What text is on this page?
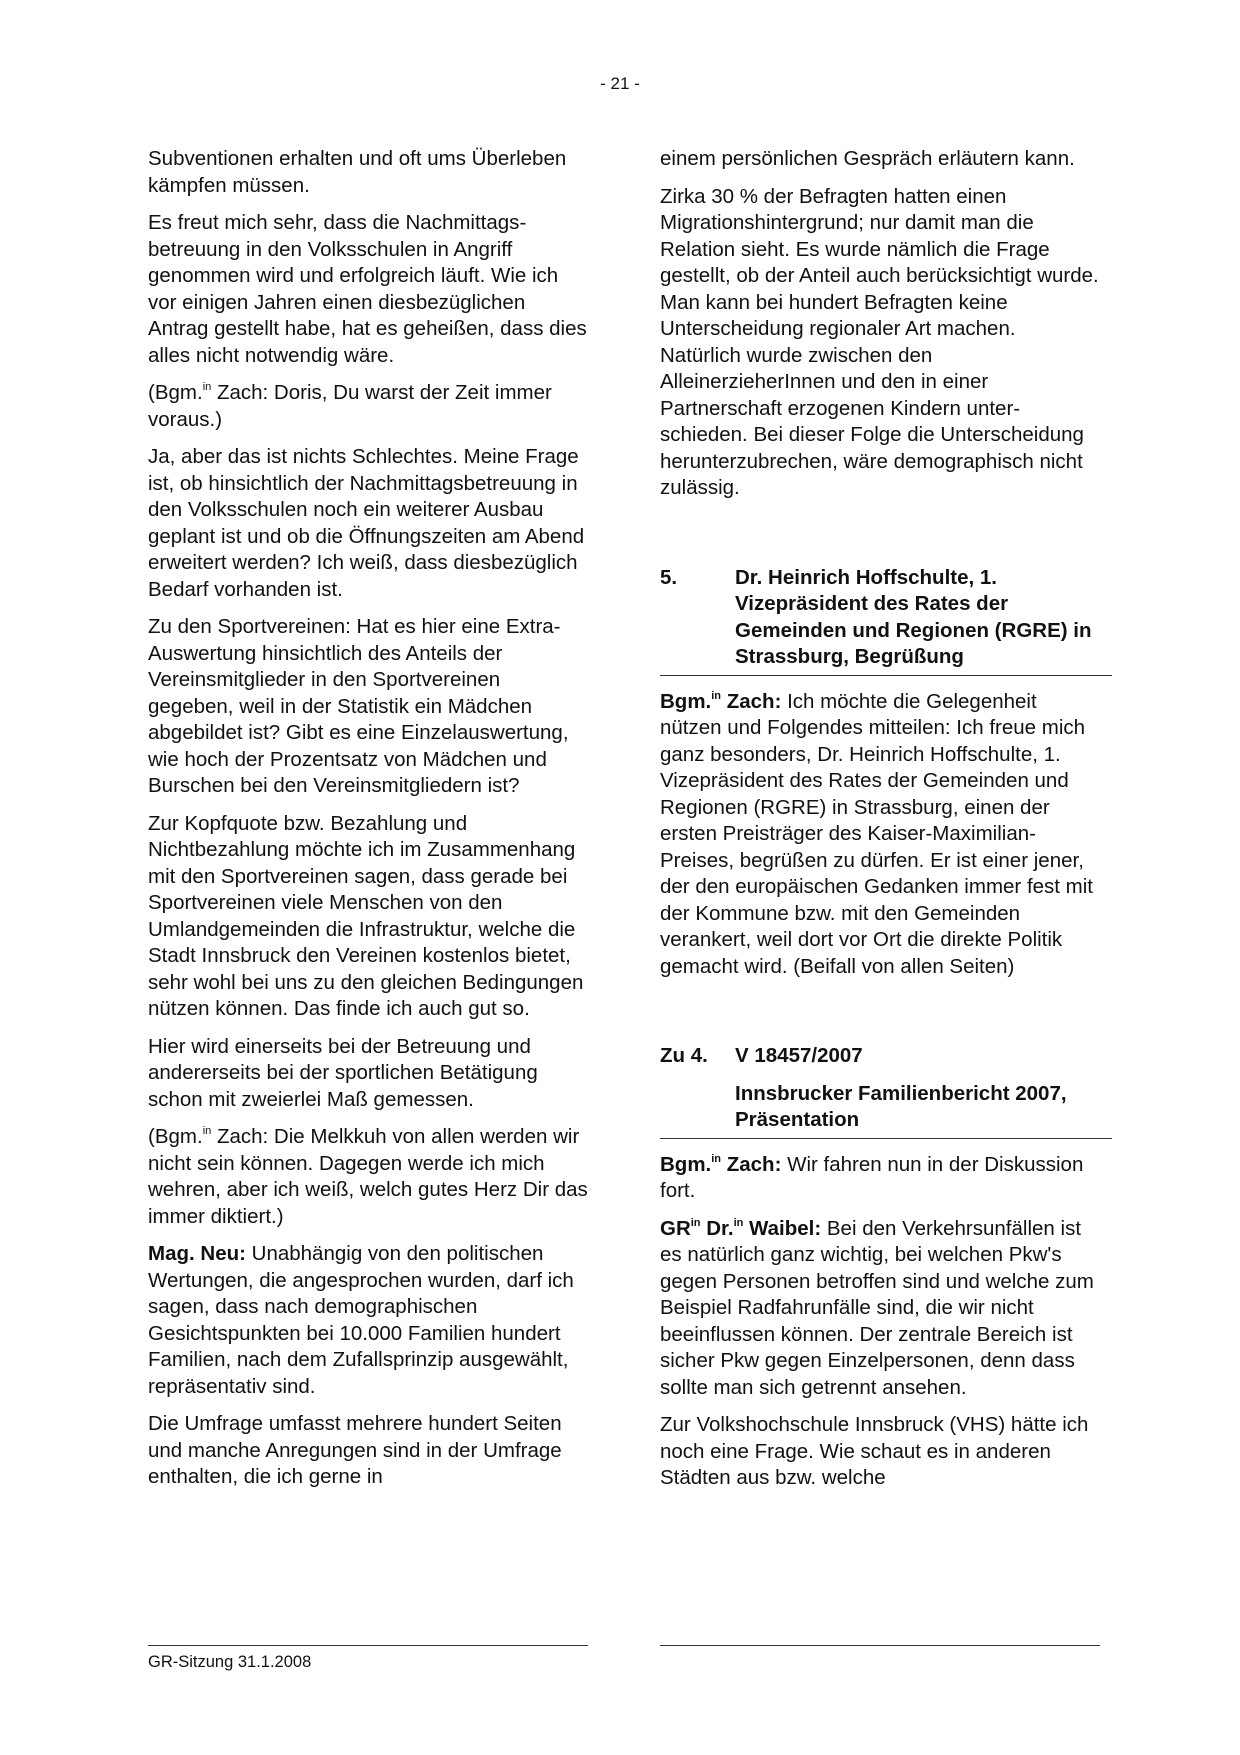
- 21 -

Subventionen erhalten und oft ums Überleben kämpfen müssen.

Es freut mich sehr, dass die Nachmittagsbetreuung in den Volksschulen in Angriff genommen wird und erfolgreich läuft. Wie ich vor einigen Jahren einen diesbezüglichen Antrag gestellt habe, hat es geheißen, dass dies alles nicht notwendig wäre.

(Bgm.$^{in}$ Zach: Doris, Du warst der Zeit immer voraus.)

Ja, aber das ist nichts Schlechtes. Meine Frage ist, ob hinsichtlich der Nachmittagsbetreuung in den Volksschulen noch ein weiterer Ausbau geplant ist und ob die Öffnungszeiten am Abend erweitert werden? Ich weiß, dass diesbezüglich Bedarf vorhanden ist.

Zu den Sportvereinen: Hat es hier eine Extra-Auswertung hinsichtlich des Anteils der Vereinsmitglieder in den Sportvereinen gegeben, weil in der Statistik ein Mädchen abgebildet ist? Gibt es eine Einzelauswertung, wie hoch der Prozentsatz von Mädchen und Burschen bei den Vereinsmitgliedern ist?

Zur Kopfquote bzw. Bezahlung und Nichtbezahlung möchte ich im Zusammenhang mit den Sportvereinen sagen, dass gerade bei Sportvereinen viele Menschen von den Umlandgemeinden die Infrastruktur, welche die Stadt Innsbruck den Vereinen kostenlos bietet, sehr wohl bei uns zu den gleichen Bedingungen nützen können. Das finde ich auch gut so.

Hier wird einerseits bei der Betreuung und andererseits bei der sportlichen Betätigung schon mit zweierlei Maß gemessen.

(Bgm.$^{in}$ Zach: Die Melkkuh von allen werden wir nicht sein können. Dagegen werde ich mich wehren, aber ich weiß, welch gutes Herz Dir das immer diktiert.)

Mag. Neu: Unabhängig von den politischen Wertungen, die angesprochen wurden, darf ich sagen, dass nach demographischen Gesichtspunkten bei 10.000 Familien hundert Familien, nach dem Zufallsprinzip ausgewählt, repräsentativ sind.

Die Umfrage umfasst mehrere hundert Seiten und manche Anregungen sind in der Umfrage enthalten, die ich gerne in

einem persönlichen Gespräch erläutern kann.

Zirka 30 % der Befragten hatten einen Migrationshintergrund; nur damit man die Relation sieht. Es wurde nämlich die Frage gestellt, ob der Anteil auch berücksichtigt wurde. Man kann bei hundert Befragten keine Unterscheidung regionaler Art machen. Natürlich wurde zwischen den AlleinerzieherInnen und den in einer Partnerschaft erzogenen Kindern unterschieden. Bei dieser Folge die Unterscheidung herunterzubrechen, wäre demographisch nicht zulässig.

5.	Dr. Heinrich Hoffschulte, 1. Vizepräsident des Rates der Gemeinden und Regionen (RGRE) in Strassburg, Begrüßung

Bgm.$^{in}$ Zach: Ich möchte die Gelegenheit nützen und Folgendes mitteilen: Ich freue mich ganz besonders, Dr. Heinrich Hoffschulte, 1. Vizepräsident des Rates der Gemeinden und Regionen (RGRE) in Strassburg, einen der ersten Preisträger des Kaiser-Maximilian-Preises, begrüßen zu dürfen. Er ist einer jener, der den europäischen Gedanken immer fest mit der Kommune bzw. mit den Gemeinden verankert, weil dort vor Ort die direkte Politik gemacht wird. (Beifall von allen Seiten)

Zu 4.	V 18457/2007
Innsbrucker Familienbericht 2007, Präsentation

Bgm.$^{in}$ Zach: Wir fahren nun in der Diskussion fort.

$GR^{in}$ Dr.$^{in}$ Waibel: Bei den Verkehrsunfällen ist es natürlich ganz wichtig, bei welchen Pkw's gegen Personen betroffen sind und welche zum Beispiel Radfahrunfälle sind, die wir nicht beeinflussen können. Der zentrale Bereich ist sicher Pkw gegen Einzelpersonen, denn dass sollte man sich getrennt ansehen.

Zur Volkshochschule Innsbruck (VHS) hätte ich noch eine Frage. Wie schaut es in anderen Städten aus bzw. welche

GR-Sitzung 31.1.2008
